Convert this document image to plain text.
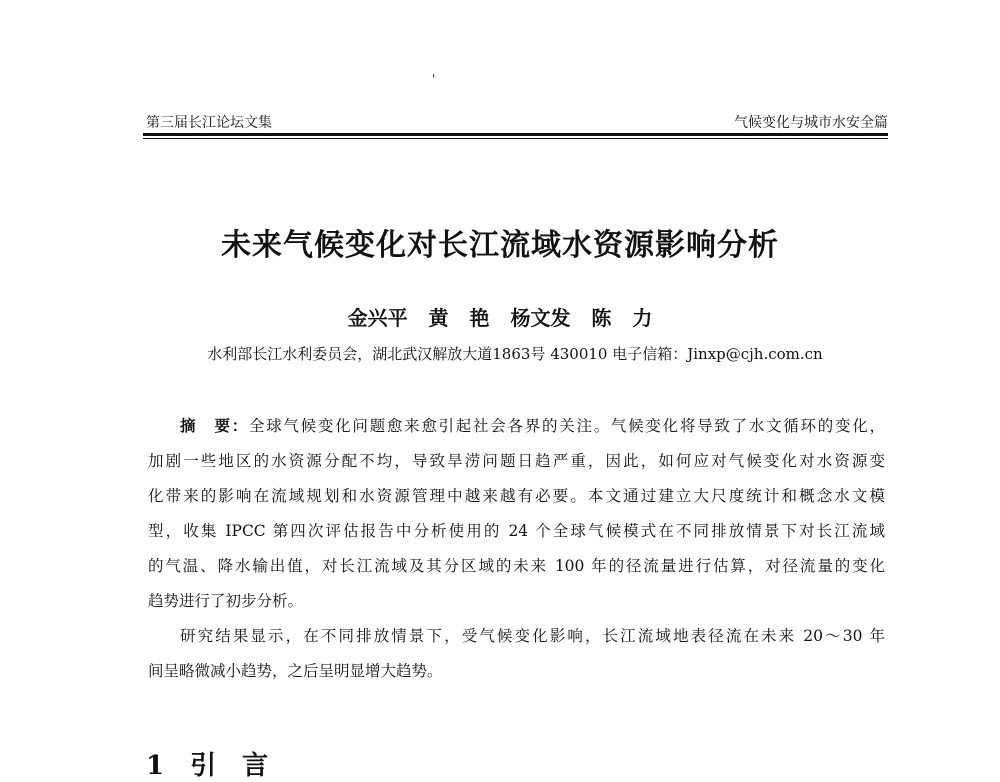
第三届长江论坛文集	气候变化与城市水安全篇
'
未来气候变化对长江流域水资源影响分析
金兴平 黄 艳 杨文发 陈 力
水利部长江水利委员会，湖北武汉解放大道1863号 430010 电子信箱：Jinxp@cjh.com.cn
摘　要：全球气候变化问题愈来愈引起社会各界的关注。气候变化将导致了水文循环的变化，
加剧一些地区的水资源分配不均，导致旱涝问题日趋严重，因此，如何应对气候变化对水资源变
化带来的影响在流域规划和水资源管理中越来越有必要。本文通过建立大尺度统计和概念水文模
型，收集 IPCC 第四次评估报告中分析使用的 24 个全球气候模式在不同排放情景下对长江流域
的气温、降水输出值，对长江流域及其分区域的未来 100 年的径流量进行估算，对径流量的变化
趋势进行了初步分析。
研究结果显示，在不同排放情景下，受气候变化影响，长江流域地表径流在未来 20～30 年
间呈略微减小趋势，之后呈明显增大趋势。
1　引　言
